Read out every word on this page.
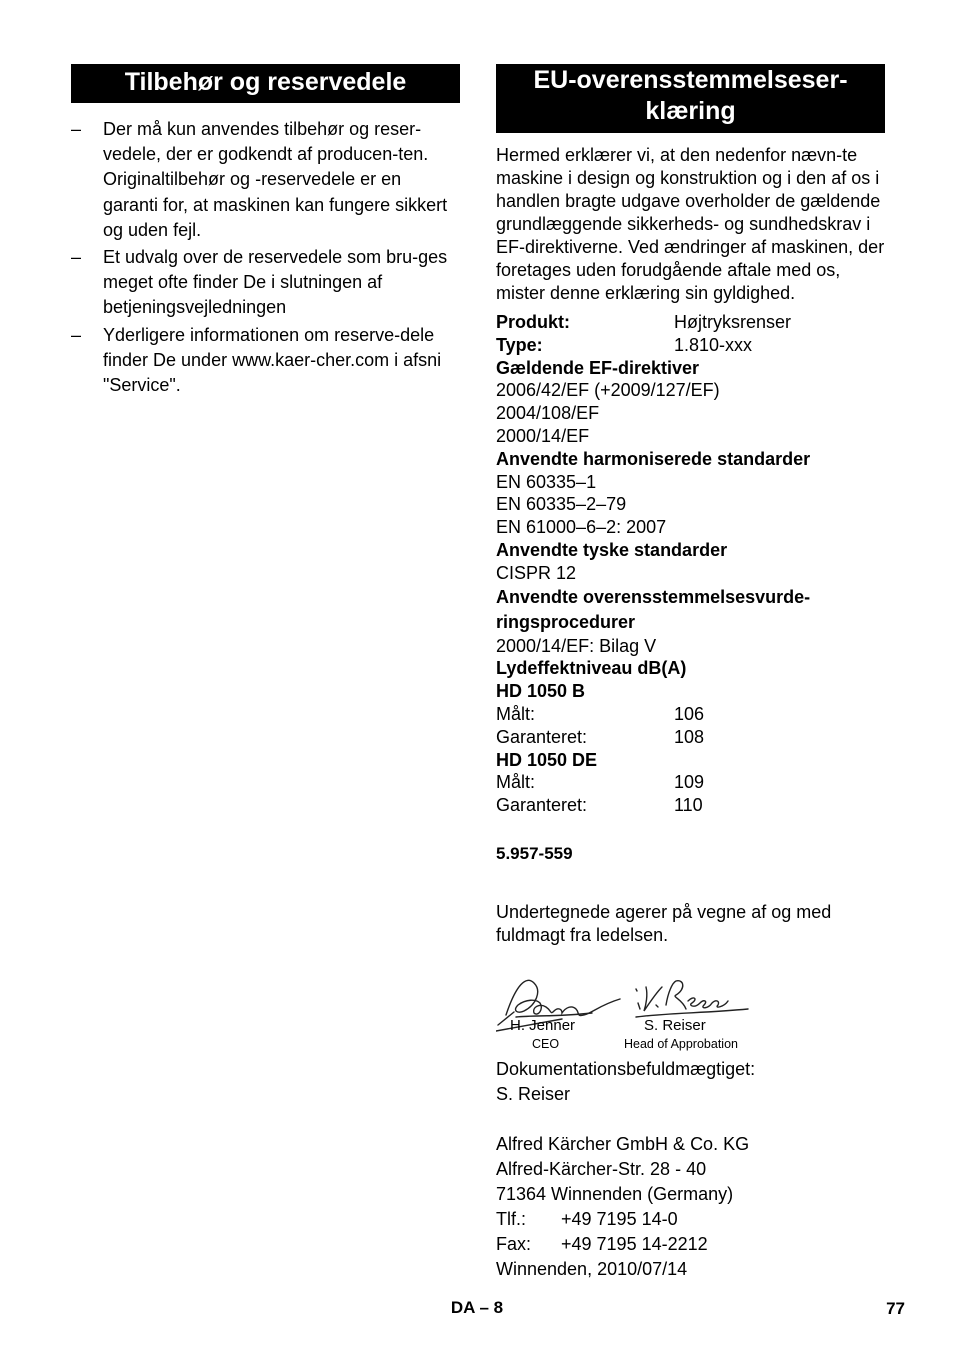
Tilbehør og reservedele
– Der må kun anvendes tilbehør og reser-vedele, der er godkendt af producen-ten. Originaltilbehør og -reservedele er en garanti for, at maskinen kan fungere sikkert og uden fejl.
– Et udvalg over de reservedele som bru-ges meget ofte finder De i slutningen af betjeningsvejledningen
– Yderligere informationen om reserve-dele finder De under www.kaer-cher.com i afsni "Service".
EU-overensstemmelseser-
klæring

Hermed erklærer vi, at den nedenfor nævn-te maskine i design og konstruktion og i den af os i handlen bragte udgave overholder de gældende grundlæggende sikkerheds- og sundhedskrav i EF-direktiverne. Ved ændringer af maskinen, der foretages uden forudgående aftale med os, mister denne erklæring sin gyldighed.

Produkt:	Højtryksrenser
Type:	1.810-xxx
Gældende EF-direktiver
2006/42/EF (+2009/127/EF)
2004/108/EF
2000/14/EF
Anvendte harmoniserede standarder
EN 60335–1
EN 60335–2–79
EN 61000–6–2: 2007
Anvendte tyske standarder
CISPR 12
Anvendte overensstemmelsesvurde-
ringsprocedurer
2000/14/EF: Bilag V
Lydeffektniveau dB(A)
HD 1050 B
Målt:	106
Garanteret:	108
HD 1050 DE
Målt:	109
Garanteret:	110
5.957-559

Undertegnede agerer på vegne af og med fuldmagt fra ledelsen.

H. Jenner
CEO
S. Reiser
Head of Approbation

Dokumentationsbefuldmægtiget:

S. Reiser

Alfred Kärcher GmbH & Co. KG

Alfred-Kärcher-Str. 28 - 40

71364 Winnenden (Germany)

Tlf.:	+49 7195 14-0
Fax:	+49 7195 14-2212

Winnenden, 2010/07/14

DA – 8	77
